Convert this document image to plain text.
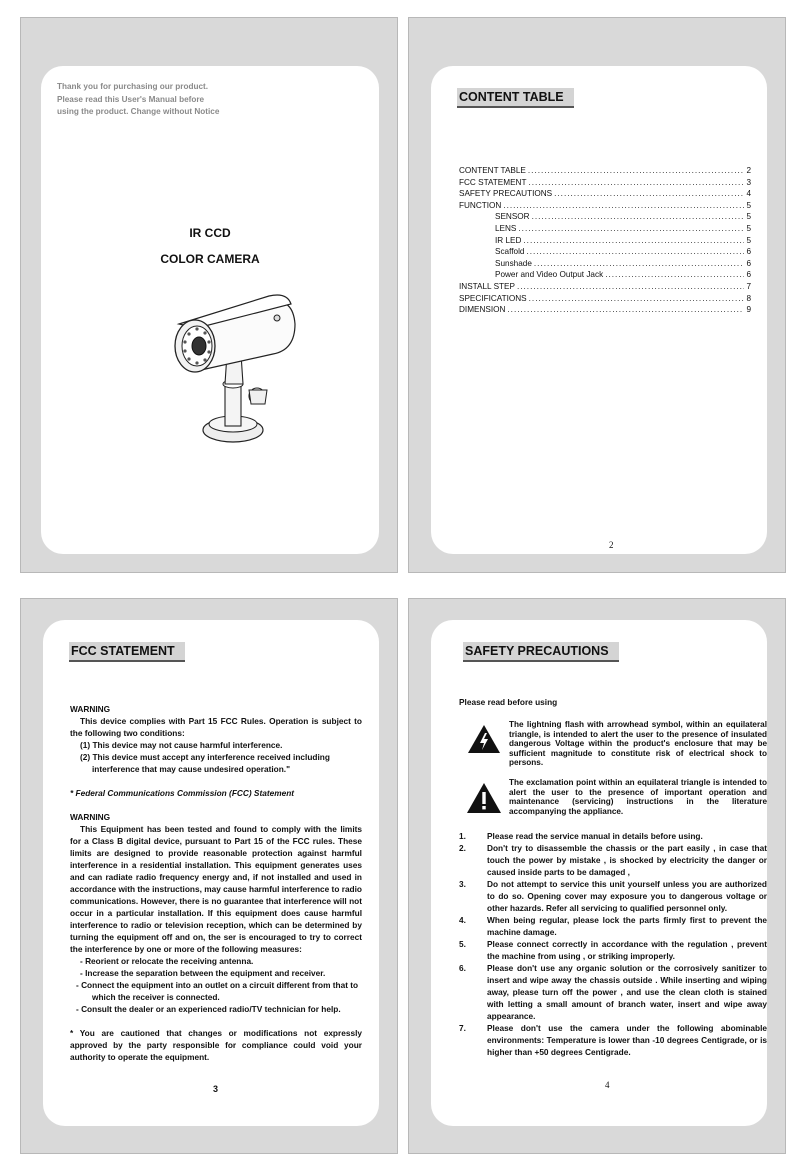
Thank you for purchasing our product.
Please read this User's Manual before
using the product. Change without Notice
IR CCD
COLOR CAMERA
CONTENT TABLE
CONTENT TABLE .....	2
FCC STATEMENT .....	3
SAFETY PRECAUTIONS .....	4
FUNCTION .....	5
SENSOR .....	5
LENS .....	5
IR LED .....	5
Scaffold .....	6
Sunshade .....	6
Power and Video Output Jack .....	6
INSTALL STEP .....	7
SPECIFICATIONS .....	8
DIMENSION .....	9
2
FCC STATEMENT

WARNING

This device complies with Part 15 FCC Rules. Operation is subject to the following two conditions:

(1) This device may not cause harmful interference.

(2) This device must accept any interference received including

interference that may cause undesired operation."

* Federal Communications Commission (FCC) Statement

WARNING

This Equipment has been tested and found to comply with the limits for a Class B digital device, pursuant to Part 15 of the FCC rules. These limits are designed to provide reasonable protection against harmful interference in a residential installation. This equipment generates uses and can radiate radio frequency energy and, if not installed and used in accordance with the instructions, may cause harmful interference to radio communications. However, there is no guarantee that interference will not occur in a particular installation. If this equipment does cause harmful interference to radio or television reception, which can be determined by turning the equipment off and on, the ser is encouraged to try to correct the interference by one or more of the following measures:

- Reorient or relocate the receiving antenna.

- Increase the separation between the equipment and receiver.

- Connect the equipment into an outlet on a circuit different from that to

which the receiver is connected.

- Consult the dealer or an experienced radio/TV technician for help.

* You are cautioned that changes or modifications not expressly approved by the party responsible for compliance could void your authority to operate the equipment.

3
SAFETY PRECAUTIONS
Please read before using
The lightning flash with arrowhead symbol, within an equilateral triangle, is intended to alert the user to the presence of insulated dangerous Voltage within the product's enclosure that may be sufficient magnitude to constitute risk of electrical shock to persons.
The exclamation point within an equilateral triangle is intended to alert the user to the presence of important operation and maintenance (servicing) instructions in the literature accompanying the appliance.
1.	Please read the service manual in details before using.
2.	Don't try to disassemble the chassis or the part easily , in case that touch the power by mistake , is shocked by electricity the danger or caused inside parts to be damaged ,
3.	Do not attempt to service this unit yourself unless you are authorized to do so. Opening cover may exposure you to dangerous voltage or other hazards. Refer all servicing to qualified personnel only.
4.	When being regular, please lock the parts firmly first to prevent the machine damage.
5.	Please connect correctly in accordance with the regulation , prevent the machine from using , or striking improperly.
6.	Please don't use any organic solution or the corrosively sanitizer to insert and wipe away the chassis outside . While inserting and wiping away, please turn off the power , and use the clean cloth is stained with letting a small amount of branch water, insert and wipe away appearance.
7.	Please don't use the camera under the following abominable environments: Temperature is lower than -10 degrees Centigrade, or is higher than +50 degrees Centigrade.
4
